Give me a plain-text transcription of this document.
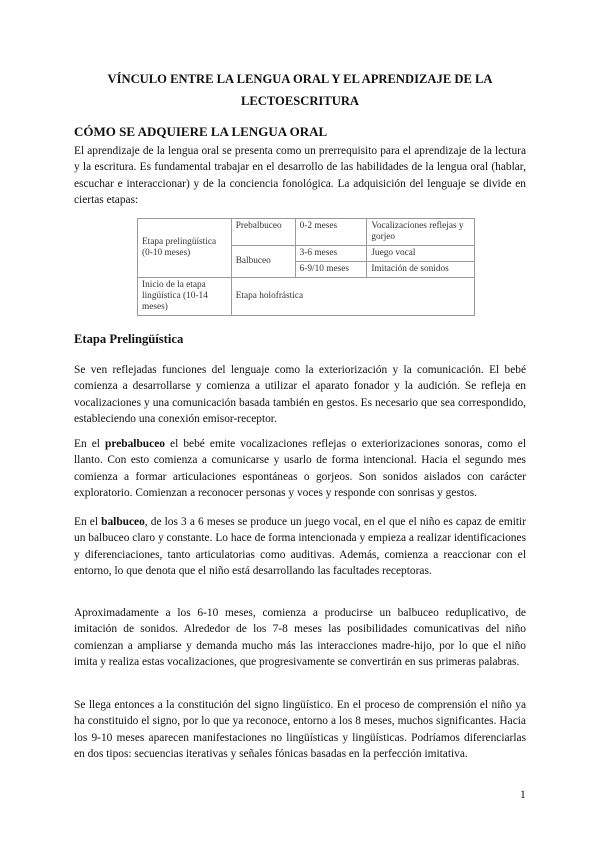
VÍNCULO ENTRE LA LENGUA ORAL Y EL APRENDIZAJE DE LA
LECTOESCRITURA
CÓMO SE ADQUIERE LA LENGUA ORAL

El aprendizaje de la lengua oral se presenta como un prerrequisito para el aprendizaje de la lectura y la escritura. Es fundamental trabajar en el desarrollo de las habilidades de la lengua oral (hablar, escuchar e interaccionar) y de la conciencia fonológica. La adquisición del lenguaje se divide en ciertas etapas:

Etapa prelingüística (0-10 meses)	Prebalbuceo	0-2 meses	Vocalizaciones reflejas y gorjeo
	Balbuceo	3-6 meses	Juego vocal
		6-9/10 meses	Imitación de sonidos
Inicio de la etapa lingüística (10-14 meses)	Etapa holofrástica		
Etapa Prelingüística

Se ven reflejadas funciones del lenguaje como la exteriorización y la comunicación. El bebé comienza a desarrollarse y comienza a utilizar el aparato fonador y la audición. Se refleja en vocalizaciones y una comunicación basada también en gestos. Es necesario que sea correspondido, estableciendo una conexión emisor-receptor.

En el prebalbuceo el bebé emite vocalizaciones reflejas o exteriorizaciones sonoras, como el llanto. Con esto comienza a comunicarse y usarlo de forma intencional. Hacia el segundo mes comienza a formar articulaciones espontáneas o gorjeos. Son sonidos aislados con carácter exploratorio. Comienzan a reconocer personas y voces y responde con sonrisas y gestos.

En el balbuceo, de los 3 a 6 meses se produce un juego vocal, en el que el niño es capaz de emitir un balbuceo claro y constante. Lo hace de forma intencionada y empieza a realizar identificaciones y diferenciaciones, tanto articulatorias como auditivas. Además, comienza a reaccionar con el entorno, lo que denota que el niño está desarrollando las facultades receptoras.

Aproximadamente a los 6-10 meses, comienza a producirse un balbuceo reduplicativo, de imitación de sonidos. Alrededor de los 7-8 meses las posibilidades comunicativas del niño comienzan a ampliarse y demanda mucho más las interacciones madre-hijo, por lo que el niño imita y realiza estas vocalizaciones, que progresivamente se convertirán en sus primeras palabras.

Se llega entonces a la constitución del signo lingüístico. En el proceso de comprensión el niño ya ha constituido el signo, por lo que ya reconoce, entorno a los 8 meses, muchos significantes. Hacia los 9-10 meses aparecen manifestaciones no lingüísticas y lingüísticas. Podríamos diferenciarlas en dos tipos: secuencias iterativas y señales fónicas basadas en la perfección imitativa.

1
